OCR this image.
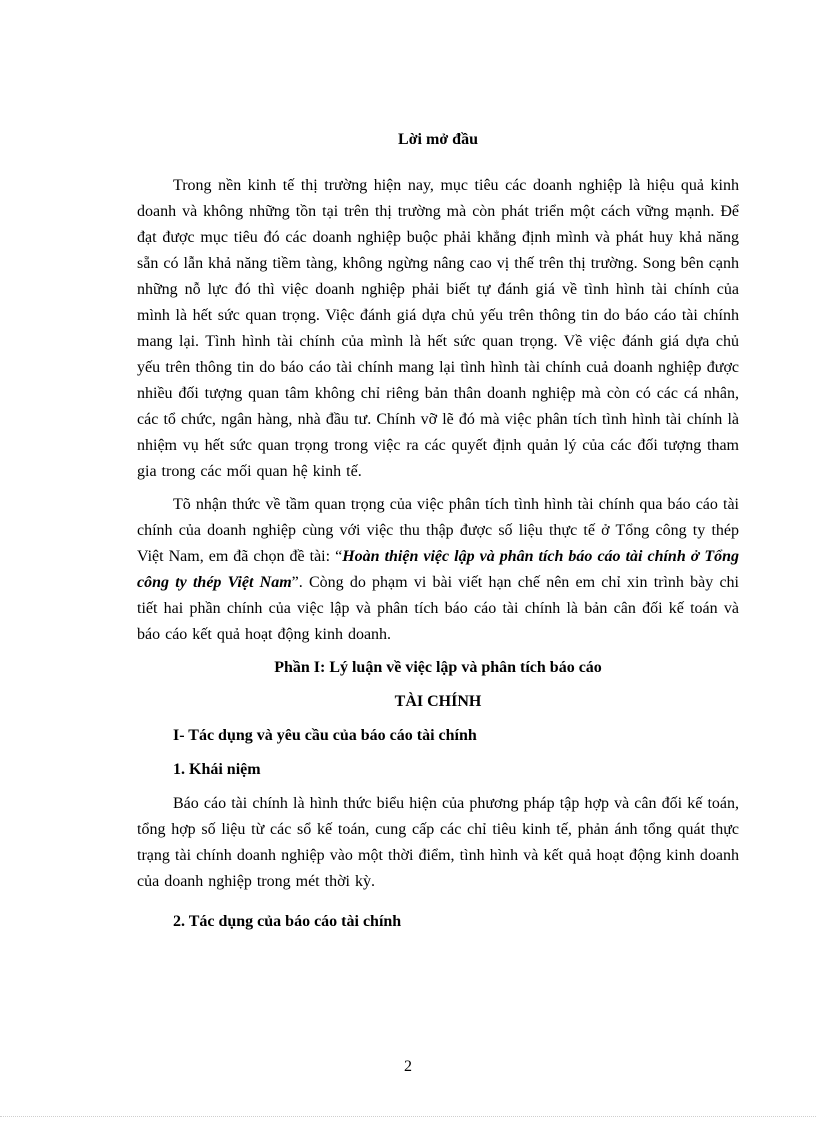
Lời mở đầu

Trong nền kinh tế thị trường hiện nay, mục tiêu các doanh nghiệp là hiệu quả kinh doanh và không những tồn tại trên thị trường mà còn phát triển một cách vững mạnh. Để đạt được mục tiêu đó các doanh nghiệp buộc phải khẳng định mình và phát huy khả năng sẵn có lẫn khả năng tiềm tàng, không ngừng nâng cao vị thế trên thị trường. Song bên cạnh những nỗ lực đó thì việc doanh nghiệp phải biết tự đánh giá về tình hình tài chính của mình là hết sức quan trọng. Việc đánh giá dựa chủ yếu trên thông tin do báo cáo tài chính mang lại. Tình hình tài chính của mình là hết sức quan trọng. Về việc đánh giá dựa chủ yếu trên thông tin do báo cáo tài chính mang lại tình hình tài chính cuả doanh nghiệp được nhiều đối tượng quan tâm không chỉ riêng bản thân doanh nghiệp mà còn có các cá nhân, các tổ chức, ngân hàng, nhà đầu tư. Chính vỡ lẽ đó mà việc phân tích tình hình tài chính là nhiệm vụ hết sức quan trọng trong việc ra các quyết định quản lý của các đối tượng tham gia trong các mối quan hệ kinh tế.

Tõ nhận thức về tầm quan trọng của việc phân tích tình hình tài chính qua báo cáo tài chính của doanh nghiệp cùng với việc thu thập được số liệu thực tế ở Tổng công ty thép Việt Nam, em đã chọn đề tài: “Hoàn thiện việc lập và phân tích báo cáo tài chính ở Tổng công ty thép Việt Nam”. Còng do phạm vi bài viết hạn chế nên em chỉ xin trình bày chi tiết hai phần chính của việc lập và phân tích báo cáo tài chính là bản cân đối kế toán và báo cáo kết quả hoạt động kinh doanh.

Phần I: Lý luận về việc lập và phân tích báo cáo
TÀI CHÍNH
I- Tác dụng và yêu cầu của báo cáo tài chính
1. Khái niệm

Báo cáo tài chính là hình thức biểu hiện của phương pháp tập hợp và cân đối kế toán, tổng hợp số liệu từ các sổ kế toán, cung cấp các chỉ tiêu kinh tế, phản ánh tổng quát thực trạng tài chính doanh nghiệp vào một thời điểm, tình hình và kết quả hoạt động kinh doanh của doanh nghiệp trong mét thời kỳ.

2. Tác dụng của báo cáo tài chính
2
